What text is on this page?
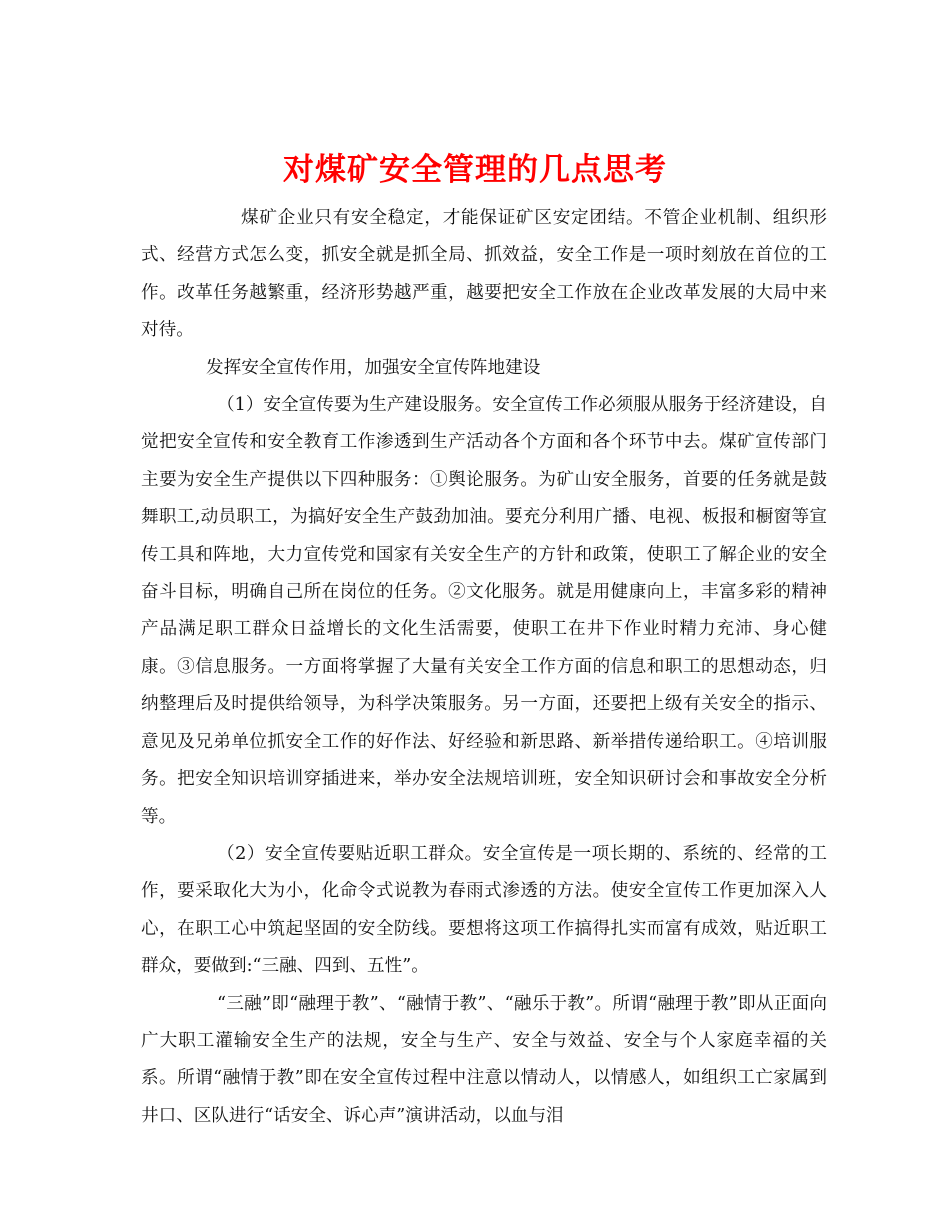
对煤矿安全管理的几点思考

煤矿企业只有安全稳定，才能保证矿区安定团结。不管企业机制、组织形式、经营方式怎么变，抓安全就是抓全局、抓效益，安全工作是一项时刻放在首位的工作。改革任务越繁重，经济形势越严重，越要把安全工作放在企业改革发展的大局中来对待。

发挥安全宣传作用，加强安全宣传阵地建设

（1）安全宣传要为生产建设服务。安全宣传工作必须服从服务于经济建设，自觉把安全宣传和安全教育工作渗透到生产活动各个方面和各个环节中去。煤矿宣传部门主要为安全生产提供以下四种服务：①舆论服务。为矿山安全服务，首要的任务就是鼓舞职工,动员职工，为搞好安全生产鼓劲加油。要充分利用广播、电视、板报和橱窗等宣传工具和阵地，大力宣传党和国家有关安全生产的方针和政策，使职工了解企业的安全奋斗目标，明确自己所在岗位的任务。②文化服务。就是用健康向上，丰富多彩的精神产品满足职工群众日益增长的文化生活需要，使职工在井下作业时精力充沛、身心健康。③信息服务。一方面将掌握了大量有关安全工作方面的信息和职工的思想动态，归纳整理后及时提供给领导，为科学决策服务。另一方面，还要把上级有关安全的指示、意见及兄弟单位抓安全工作的好作法、好经验和新思路、新举措传递给职工。④培训服务。把安全知识培训穿插进来，举办安全法规培训班，安全知识研讨会和事故安全分析等。

（2）安全宣传要贴近职工群众。安全宣传是一项长期的、系统的、经常的工作，要采取化大为小，化命令式说教为春雨式渗透的方法。使安全宣传工作更加深入人心，在职工心中筑起坚固的安全防线。要想将这项工作搞得扎实而富有成效，贴近职工群众，要做到:“三融、四到、五性”。

“三融”即“融理于教”、“融情于教”、“融乐于教”。所谓“融理于教”即从正面向广大职工灌输安全生产的法规，安全与生产、安全与效益、安全与个人家庭幸福的关系。所谓“融情于教”即在安全宣传过程中注意以情动人，以情感人，如组织工亡家属到井口、区队进行“话安全、诉心声”演讲活动，以血与泪
